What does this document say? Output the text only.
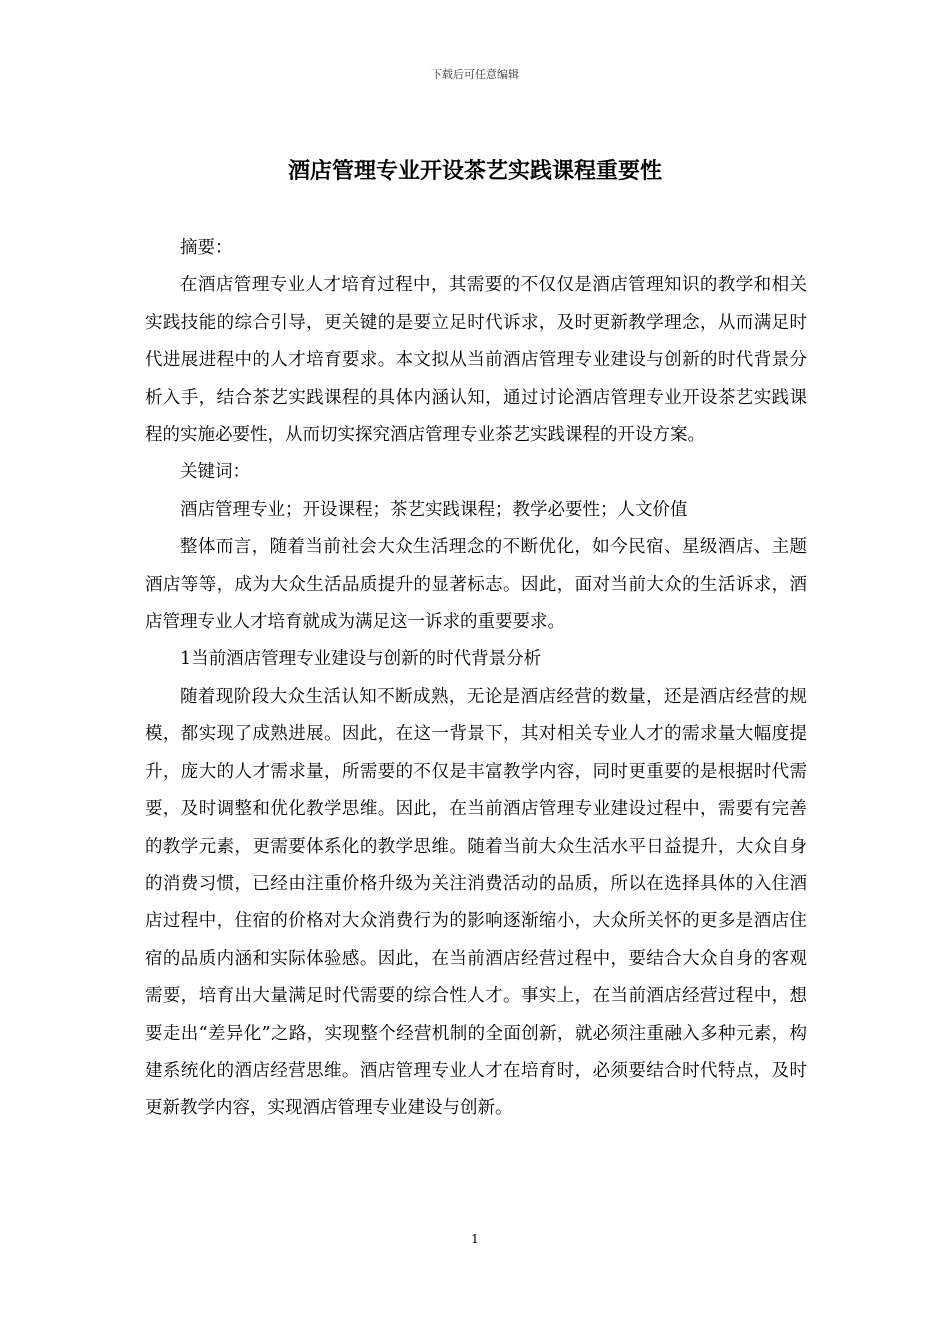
下载后可任意编辑
酒店管理专业开设茶艺实践课程重要性

摘要：

在酒店管理专业人才培育过程中，其需要的不仅仅是酒店管理知识的教学和相关实践技能的综合引导，更关键的是要立足时代诉求，及时更新教学理念，从而满足时代进展进程中的人才培育要求。本文拟从当前酒店管理专业建设与创新的时代背景分析入手，结合茶艺实践课程的具体内涵认知，通过讨论酒店管理专业开设茶艺实践课程的实施必要性，从而切实探究酒店管理专业茶艺实践课程的开设方案。

关键词：

酒店管理专业；开设课程；茶艺实践课程；教学必要性；人文价值

整体而言，随着当前社会大众生活理念的不断优化，如今民宿、星级酒店、主题酒店等等，成为大众生活品质提升的显著标志。因此，面对当前大众的生活诉求，酒店管理专业人才培育就成为满足这一诉求的重要要求。

1当前酒店管理专业建设与创新的时代背景分析

随着现阶段大众生活认知不断成熟，无论是酒店经营的数量，还是酒店经营的规模，都实现了成熟进展。因此，在这一背景下，其对相关专业人才的需求量大幅度提升，庞大的人才需求量，所需要的不仅是丰富教学内容，同时更重要的是根据时代需要，及时调整和优化教学思维。因此，在当前酒店管理专业建设过程中，需要有完善的教学元素，更需要体系化的教学思维。随着当前大众生活水平日益提升，大众自身的消费习惯，已经由注重价格升级为关注消费活动的品质，所以在选择具体的入住酒店过程中，住宿的价格对大众消费行为的影响逐渐缩小，大众所关怀的更多是酒店住宿的品质内涵和实际体验感。因此，在当前酒店经营过程中，要结合大众自身的客观需要，培育出大量满足时代需要的综合性人才。事实上，在当前酒店经营过程中，想要走出“差异化”之路，实现整个经营机制的全面创新，就必须注重融入多种元素，构建系统化的酒店经营思维。酒店管理专业人才在培育时，必须要结合时代特点，及时更新教学内容，实现酒店管理专业建设与创新。

1
